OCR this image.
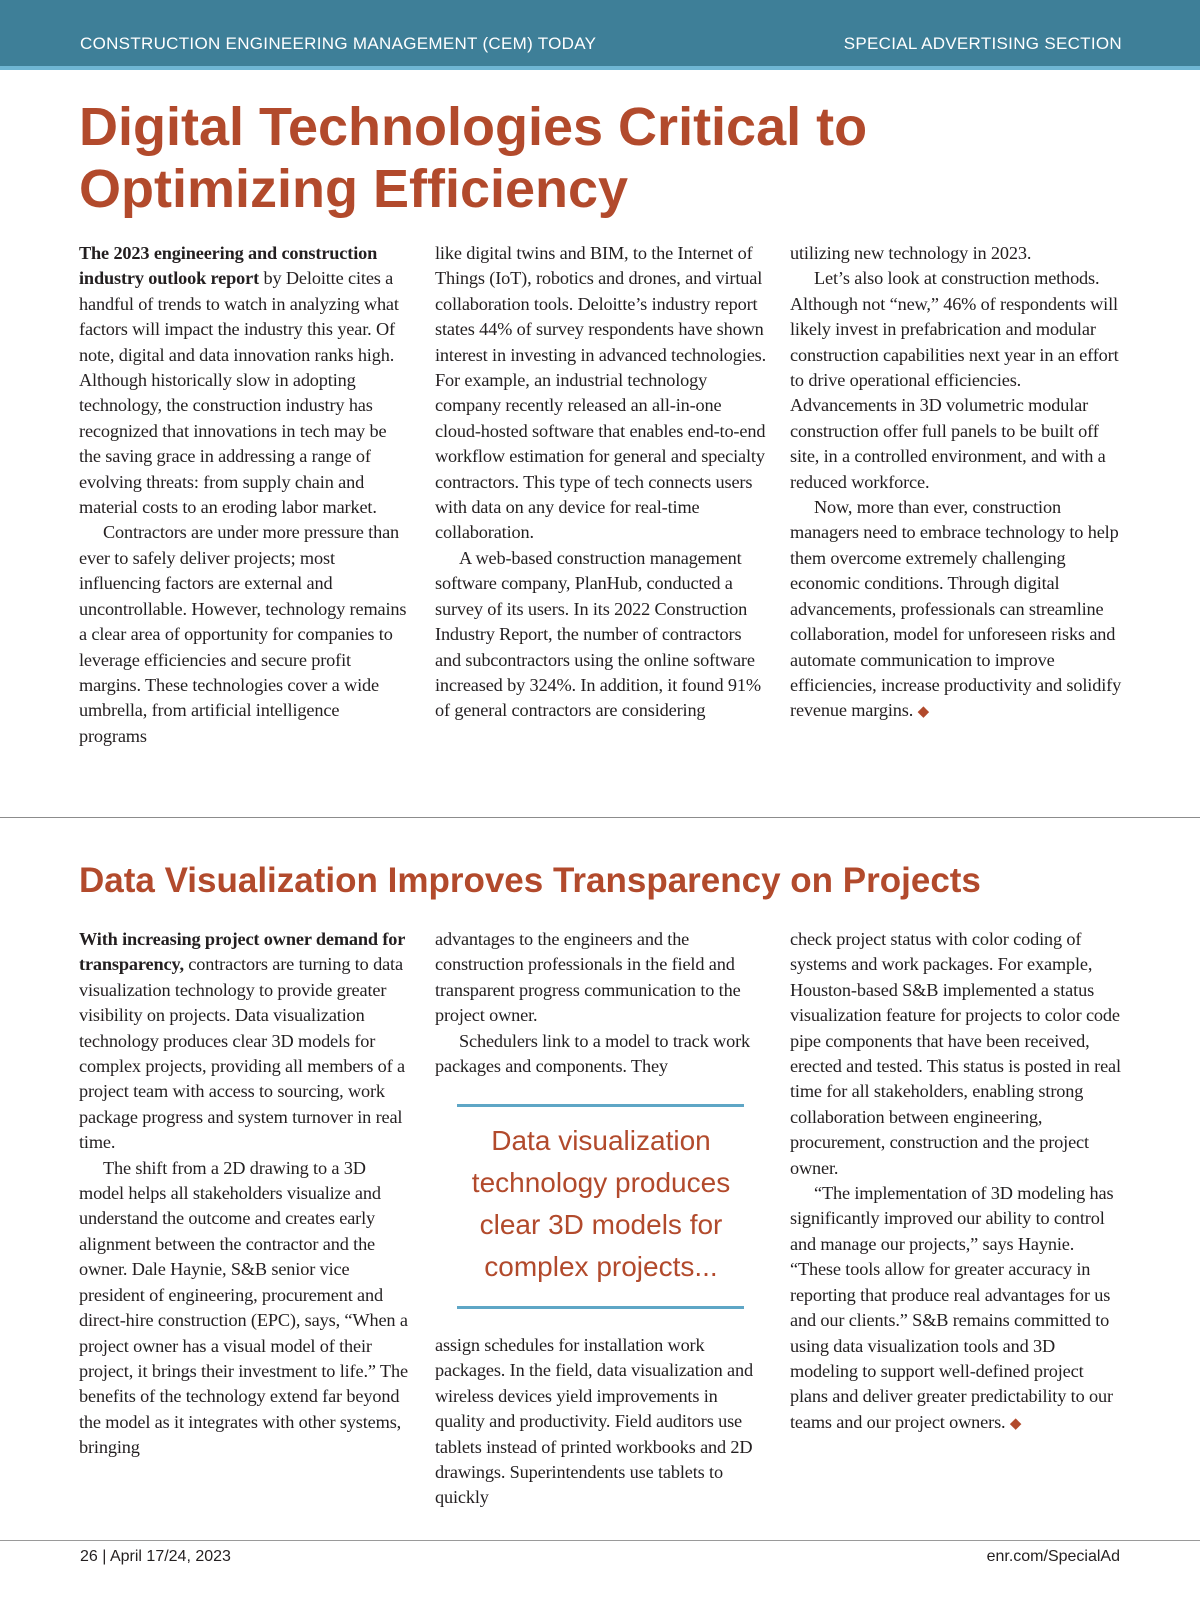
CONSTRUCTION ENGINEERING MANAGEMENT (CEM) TODAY	SPECIAL ADVERTISING SECTION
Digital Technologies Critical to Optimizing Efficiency

The 2023 engineering and construction industry outlook report by Deloitte cites a handful of trends to watch in analyzing what factors will impact the industry this year. Of note, digital and data innovation ranks high. Although historically slow in adopting technology, the construction industry has recognized that innovations in tech may be the saving grace in addressing a range of evolving threats: from supply chain and material costs to an eroding labor market.

Contractors are under more pressure than ever to safely deliver projects; most influencing factors are external and uncontrollable. However, technology remains a clear area of opportunity for companies to leverage efficiencies and secure profit margins. These technologies cover a wide umbrella, from artificial intelligence programs

like digital twins and BIM, to the Internet of Things (IoT), robotics and drones, and virtual collaboration tools. Deloitte’s industry report states 44% of survey respondents have shown interest in investing in advanced technologies. For example, an industrial technology company recently released an all-in-one cloud-hosted software that enables end-to-end workflow estimation for general and specialty contractors. This type of tech connects users with data on any device for real-time collaboration.

A web-based construction management software company, PlanHub, conducted a survey of its users. In its 2022 Construction Industry Report, the number of contractors and subcontractors using the online software increased by 324%. In addition, it found 91% of general contractors are considering

utilizing new technology in 2023.

Let’s also look at construction methods. Although not “new,” 46% of respondents will likely invest in prefabrication and modular construction capabilities next year in an effort to drive operational efficiencies. Advancements in 3D volumetric modular construction offer full panels to be built off site, in a controlled environment, and with a reduced workforce.

Now, more than ever, construction managers need to embrace technology to help them overcome extremely challenging economic conditions. Through digital advancements, professionals can streamline collaboration, model for unforeseen risks and automate communication to improve efficiencies, increase productivity and solidify revenue margins. ◆

Data Visualization Improves Transparency on Projects

With increasing project owner demand for transparency, contractors are turning to data visualization technology to provide greater visibility on projects. Data visualization technology produces clear 3D models for complex projects, providing all members of a project team with access to sourcing, work package progress and system turnover in real time.

The shift from a 2D drawing to a 3D model helps all stakeholders visualize and understand the outcome and creates early alignment between the contractor and the owner. Dale Haynie, S&B senior vice president of engineering, procurement and direct-hire construction (EPC), says, “When a project owner has a visual model of their project, it brings their investment to life.” The benefits of the technology extend far beyond the model as it integrates with other systems, bringing

advantages to the engineers and the construction professionals in the field and transparent progress communication to the project owner.

Schedulers link to a model to track work packages and components. They

Data visualization technology produces clear 3D models for complex projects...

assign schedules for installation work packages. In the field, data visualization and wireless devices yield improvements in quality and productivity. Field auditors use tablets instead of printed workbooks and 2D drawings. Superintendents use tablets to quickly

check project status with color coding of systems and work packages. For example, Houston-based S&B implemented a status visualization feature for projects to color code pipe components that have been received, erected and tested. This status is posted in real time for all stakeholders, enabling strong collaboration between engineering, procurement, construction and the project owner.

“The implementation of 3D modeling has significantly improved our ability to control and manage our projects,” says Haynie. “These tools allow for greater accuracy in reporting that produce real advantages for us and our clients.” S&B remains committed to using data visualization tools and 3D modeling to support well-defined project plans and deliver greater predictability to our teams and our project owners. ◆

26 | April 17/24, 2023	enr.com/SpecialAd
